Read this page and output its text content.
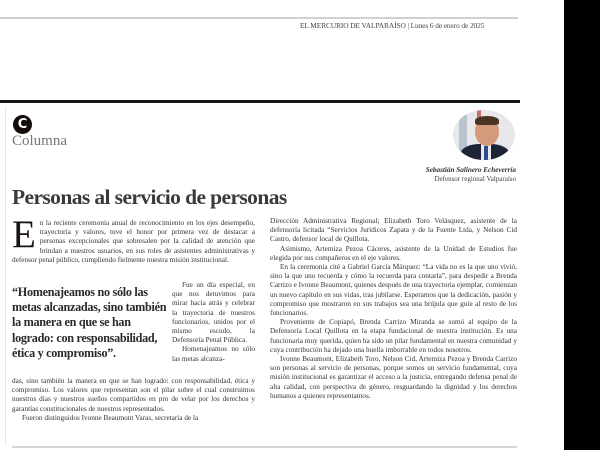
EL MERCURIO DE VALPARAÍSO | Lunes 6 de enero de 2025
C
Columna
Sebastián Salinero Echeverría
Defensor regional Valparaíso
Personas al servicio de personas
E n la reciente ceremonia anual de reconocimiento en los ejes desempeño, trayectoria y valores, tuve el honor por primera vez de destacar a personas excepcionales que sobresalen por la calidad de atención que brindan a nuestros usuarios, en sus roles de asistentes administrativas y defensor penal público, cumpliendo fielmente nuestra misión institucional.
“Homenajeamos no sólo las metas alcanzadas, sino también la manera en que se han logrado: con responsabilidad, ética y compromiso”.

Fue un día especial, en que nos detuvimos para mirar hacia atrás y celebrar la trayectoria de nuestros funcionarios, unidos por el mismo escudo, la Defensoría Penal Pública.

Homenajeamos no sólo las metas alcanza-

das, sino también la manera en que se han logrado: con responsabilidad, ética y compromiso. Los valores que representan son el pilar sobre el cual construimos nuestros días y nuestros sueños compartidos en pro de velar por los derechos y garantías constitucionales de nuestros representados.

Fueron distinguidos Ivonne Beaumont Varas, secretaria de la

Dirección Administrativa Regional; Elizabeth Toro Velásquez, asistente de la defensoría licitada “Servicios Jurídicos Zapata y de la Fuente Ltda, y Nelson Cid Castro, defensor local de Quillota.

Asimismo, Artemiza Pezoa Cáceres, asistente de la Unidad de Estudios fue elegida por sus compañeros en el eje valores.

En la ceremonia cité a Gabriel García Márquez: “La vida no es la que uno vivió, sino la que uno recuerda y cómo la recuerda para contarla”, para despedir a Brenda Carrizo e Ivonne Beaumont, quienes después de una trayectoria ejemplar, comienzan un nuevo capítulo en sus vidas, tras jubilarse. Esperamos que la dedicación, pasión y compromiso que mostraron en sus trabajos sea una brújula que guíe al resto de los funcionarios.

Proveniente de Copiapó, Brenda Carrizo Miranda se sumó al equipo de la Defensoría Local Quillota en la etapa fundacional de nuestra institución. Es una funcionaria muy querida, quien ha sido un pilar fundamental en nuestra comunidad y cuya contribución ha dejado una huella imborrable en todos nosotros.

Ivonne Beaumont, Elizabeth Toro, Nelson Cid, Artemiza Pezoa y Brenda Carrizo son personas al servicio de personas, porque somos un servicio fundamental, cuya misión institucional es garantizar el acceso a la justicia, entregando defensa penal de alta calidad, con perspectiva de género, resguardando la dignidad y los derechos humanos a quienes representamos.
